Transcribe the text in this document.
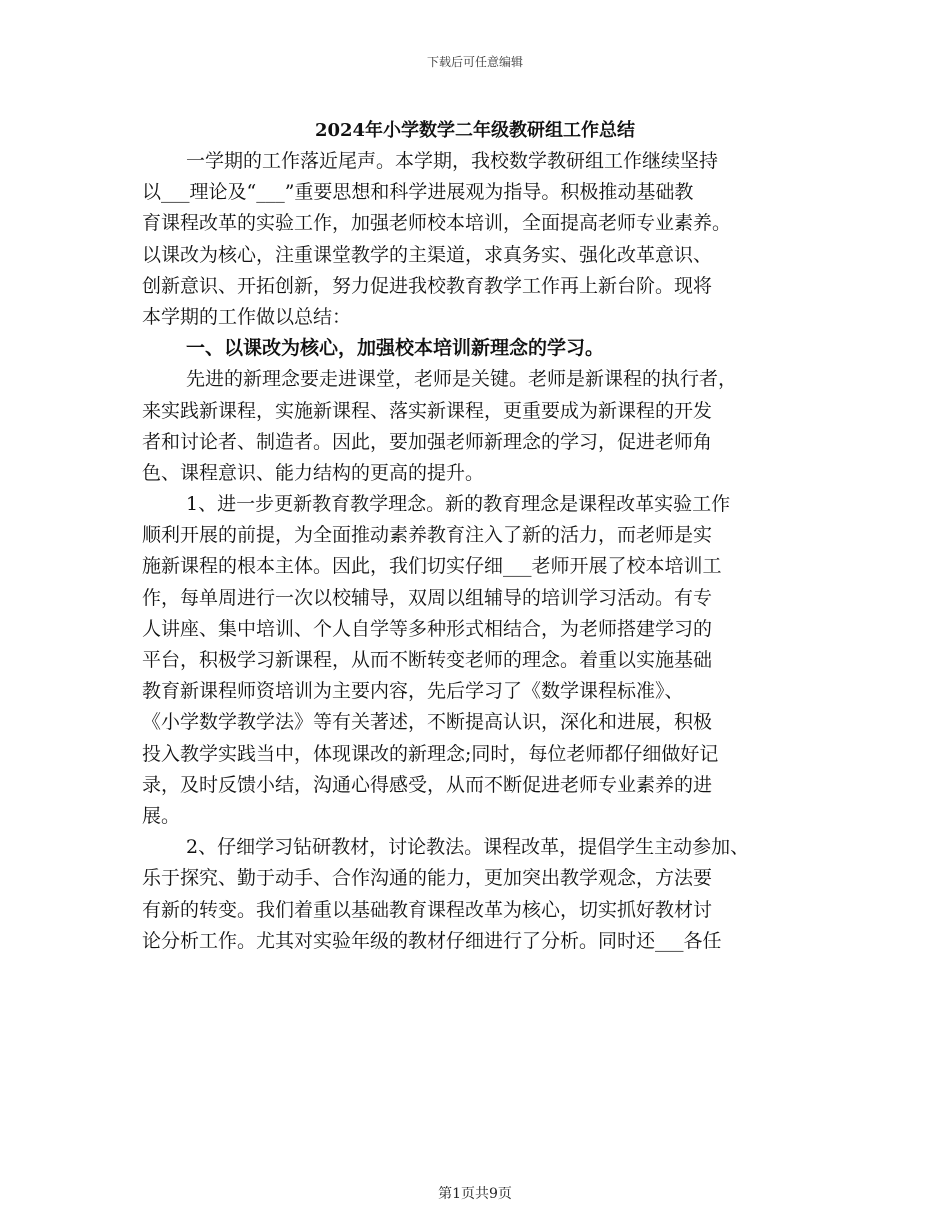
下载后可任意编辑
2024年小学数学二年级教研组工作总结
一学期的工作落近尾声。本学期，我校数学教研组工作继续坚持
以___理论及“___”重要思想和科学进展观为指导。积极推动基础教
育课程改革的实验工作，加强老师校本培训，全面提高老师专业素养。
以课改为核心，注重课堂教学的主渠道，求真务实、强化改革意识、
创新意识、开拓创新，努力促进我校教育教学工作再上新台阶。现将
本学期的工作做以总结：
一、以课改为核心，加强校本培训新理念的学习。
先进的新理念要走进课堂，老师是关键。老师是新课程的执行者，
来实践新课程，实施新课程、落实新课程，更重要成为新课程的开发
者和讨论者、制造者。因此，要加强老师新理念的学习，促进老师角
色、课程意识、能力结构的更高的提升。
1、进一步更新教育教学理念。新的教育理念是课程改革实验工作
顺利开展的前提，为全面推动素养教育注入了新的活力，而老师是实
施新课程的根本主体。因此，我们切实仔细___老师开展了校本培训工
作，每单周进行一次以校辅导，双周以组辅导的培训学习活动。有专
人讲座、集中培训、个人自学等多种形式相结合，为老师搭建学习的
平台，积极学习新课程，从而不断转变老师的理念。着重以实施基础
教育新课程师资培训为主要内容，先后学习了《数学课程标准》、
《小学数学教学法》等有关著述，不断提高认识，深化和进展，积极
投入教学实践当中，体现课改的新理念;同时，每位老师都仔细做好记
录，及时反馈小结，沟通心得感受，从而不断促进老师专业素养的进
展。
2、仔细学习钻研教材，讨论教法。课程改革，提倡学生主动参加、
乐于探究、勤于动手、合作沟通的能力，更加突出教学观念，方法要
有新的转变。我们着重以基础教育课程改革为核心，切实抓好教材讨
论分析工作。尤其对实验年级的教材仔细进行了分析。同时还___各任
第1页共9页
